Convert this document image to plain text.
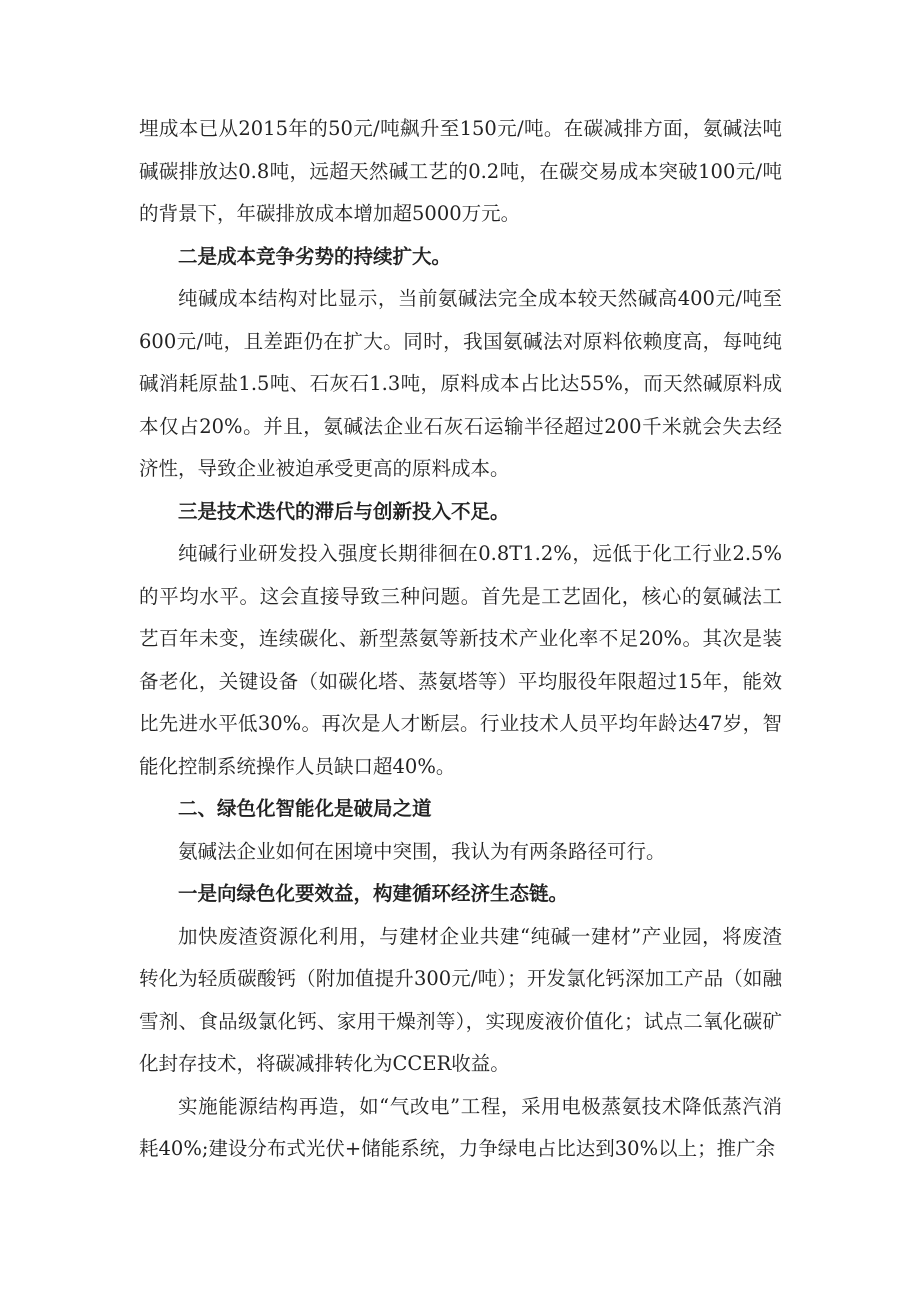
埋成本已从2015年的50元/吨飙升至150元/吨。在碳减排方面，氨碱法吨碱碳排放达0.8吨，远超天然碱工艺的0.2吨，在碳交易成本突破100元/吨的背景下，年碳排放成本增加超5000万元。

二是成本竞争劣势的持续扩大。

纯碱成本结构对比显示，当前氨碱法完全成本较天然碱高400元/吨至600元/吨，且差距仍在扩大。同时，我国氨碱法对原料依赖度高，每吨纯碱消耗原盐1.5吨、石灰石1.3吨，原料成本占比达55%，而天然碱原料成本仅占20%。并且，氨碱法企业石灰石运输半径超过200千米就会失去经济性，导致企业被迫承受更高的原料成本。

三是技术迭代的滞后与创新投入不足。

纯碱行业研发投入强度长期徘徊在0.8T1.2%，远低于化工行业2.5%的平均水平。这会直接导致三种问题。首先是工艺固化，核心的氨碱法工艺百年未变，连续碳化、新型蒸氨等新技术产业化率不足20%。其次是装备老化，关键设备（如碳化塔、蒸氨塔等）平均服役年限超过15年，能效比先进水平低30%。再次是人才断层。行业技术人员平均年龄达47岁，智能化控制系统操作人员缺口超40%。

二、绿色化智能化是破局之道

氨碱法企业如何在困境中突围，我认为有两条路径可行。

一是向绿色化要效益，构建循环经济生态链。

加快废渣资源化利用，与建材企业共建“纯碱一建材”产业园，将废渣转化为轻质碳酸钙（附加值提升300元/吨）；开发氯化钙深加工产品（如融雪剂、食品级氯化钙、家用干燥剂等），实现废液价值化；试点二氧化碳矿化封存技术，将碳减排转化为CCER收益。

实施能源结构再造，如“气改电”工程，采用电极蒸氨技术降低蒸汽消耗40%;建设分布式光伏+储能系统，力争绿电占比达到30%以上；推广余
